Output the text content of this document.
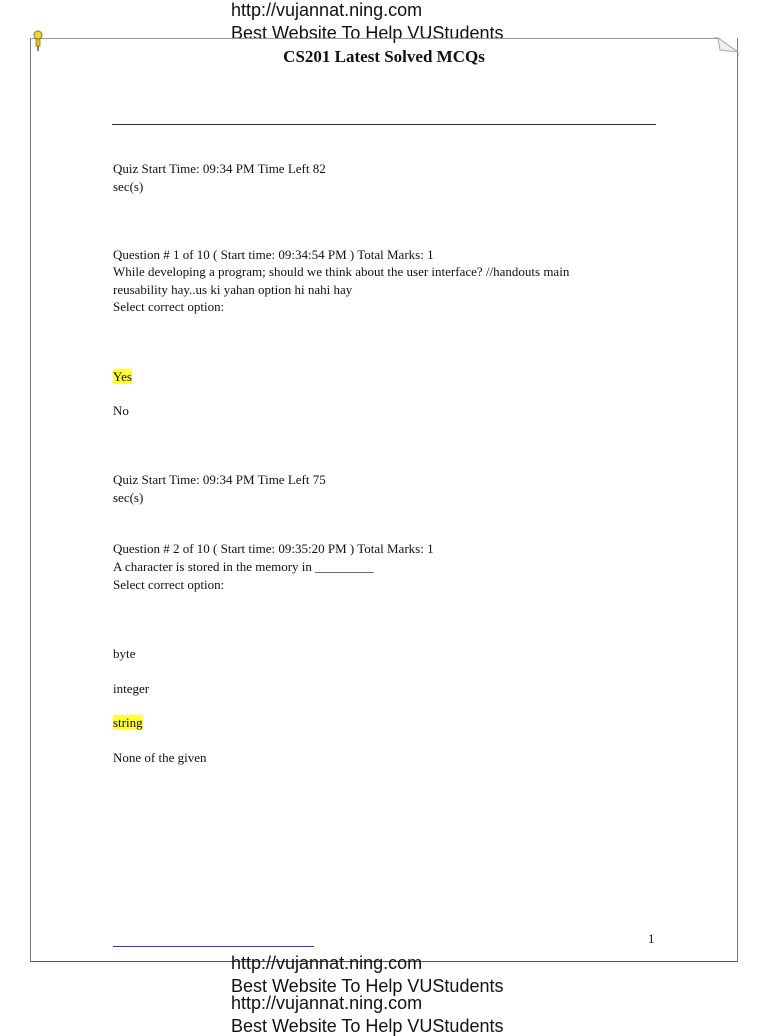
http://vujannat.ning.com
Best Website To Help VUStudents
CS201 Latest Solved MCQs
Quiz Start Time: 09:34 PM Time Left 82
sec(s)
Question # 1 of 10 ( Start time: 09:34:54 PM ) Total Marks: 1
While developing a program; should we think about the user interface? //handouts main
reusability hay..us ki yahan option hi nahi hay
Select correct option:
Yes
No
Quiz Start Time: 09:34 PM Time Left 75
sec(s)
Question # 2 of 10 ( Start time: 09:35:20 PM ) Total Marks: 1
A character is stored in the memory in _________
Select correct option:
byte
integer
string
None of the given
1
http://vujannat.ning.com
Best Website To Help VUStudents
http://vujannat.ning.com
Best Website To Help VUStudents
